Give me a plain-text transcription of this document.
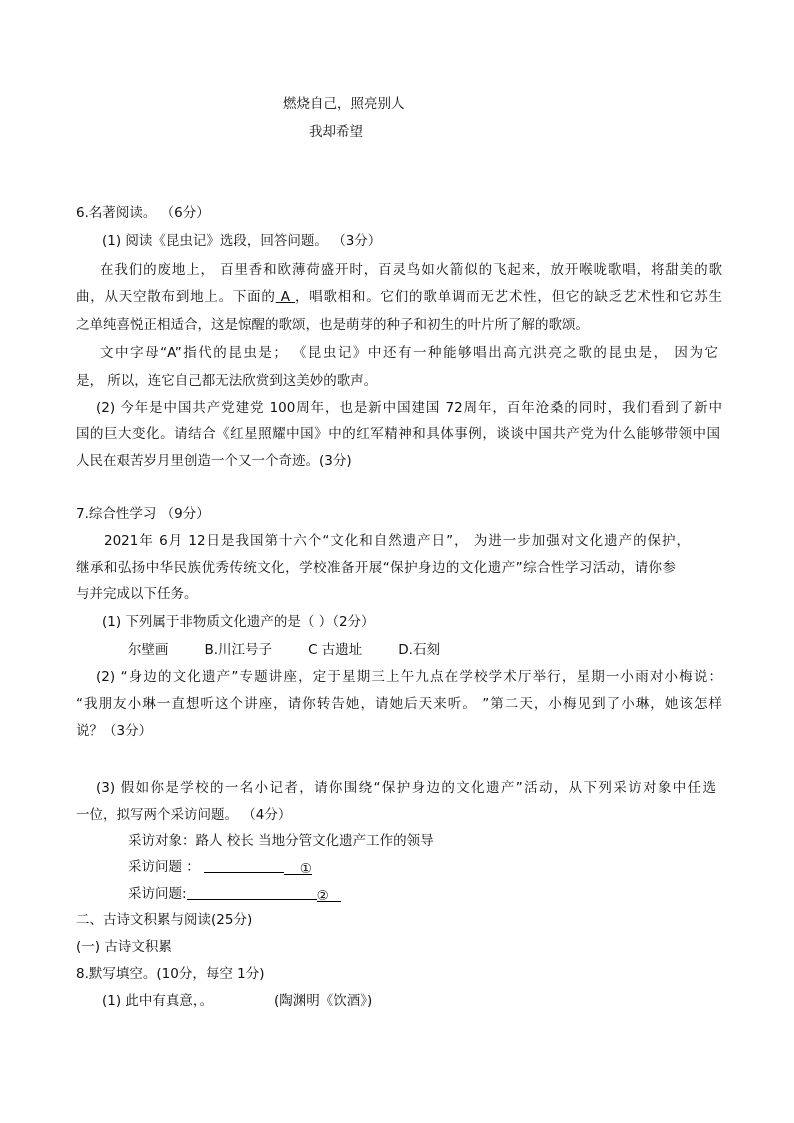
燃烧自己，照亮别人
我却希望
6.名著阅读。 （6分）
(1) 阅读《昆虫记》选段，回答问题。 （3分）
在我们的废地上， 百里香和欧薄荷盛开时，百灵鸟如火箭似的飞起来，放开喉咙歌唱，将甜美的歌
曲，从天空散布到地上。下面的 A ，唱歌相和。它们的歌单调而无艺术性，但它的缺乏艺术性和它苏生
之单纯喜悦正相适合，这是惊醒的歌颂，也是萌芽的种子和初生的叶片所了解的歌颂。
文中字母“A”指代的昆虫是； 《昆虫记》中还有一种能够唱出高亢洪亮之歌的昆虫是， 因为它
是， 所以，连它自己都无法欣赏到这美妙的歌声。
(2) 今年是中国共产党建党 100周年，也是新中国建国 72周年，百年沧桑的同时，我们看到了新中
国的巨大变化。请结合《红星照耀中国》中的红军精神和具体事例，谈谈中国共产党为什么能够带领中国
人民在艰苦岁月里创造一个又一个奇迹。(3分)
7.综合性学习 （9分）
2021年 6月 12日是我国第十六个“文化和自然遗产日”， 为进一步加强对文化遗产的保护，
继承和弘扬中华民族优秀传统文化，学校准备开展“保护身边的文化遗产”综合性学习活动，请你参
与并完成以下任务。
(1) 下列属于非物质文化遗产的是（ ）（2分）
尔壁画	B.川江号子	C 古遗址	D.石刻
(2) “身边的文化遗产”专题讲座，定于星期三上午九点在学校学术厅举行，星期一小雨对小梅说：
“我朋友小琳一直想听这个讲座，请你转告她，请她后天来听。 ”第二天，小梅见到了小琳，她该怎样
说？（3分）
(3) 假如你是学校的一名小记者，请你围绕“保护身边的文化遗产”活动，从下列采访对象中任选
一位，拟写两个采访问题。 （4分）
采访对象：路人 校长 当地分管文化遗产工作的领导
采访问题 ：	①
采访问题:	②
二、古诗文积累与阅读(25分)
(一) 古诗文积累
8.默写填空。(10分，每空 1分)
(1) 此中有真意，。	(陶渊明《饮酒》)
